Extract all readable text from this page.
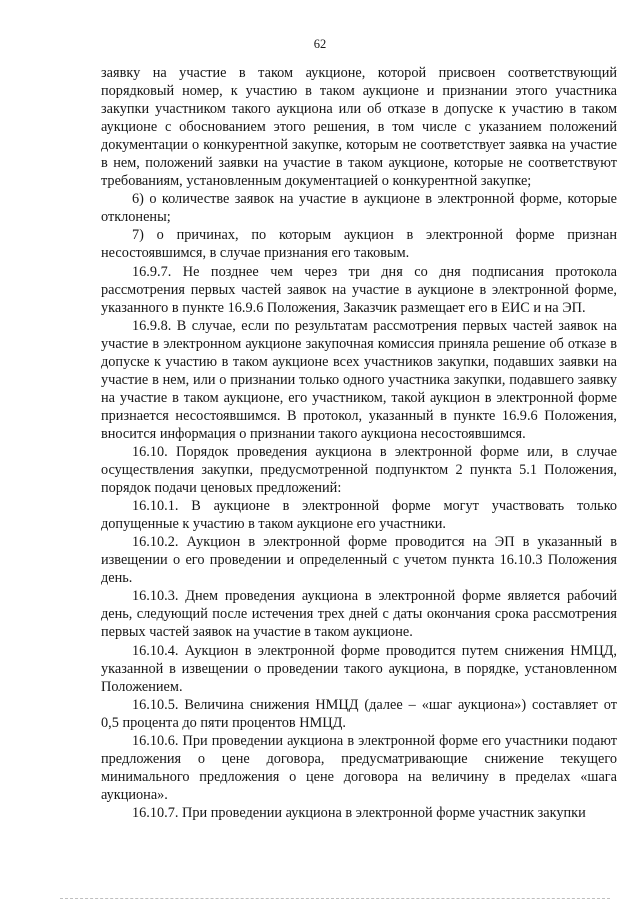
62

заявку на участие в таком аукционе, которой присвоен соответствующий порядковый номер, к участию в таком аукционе и признании этого участника закупки участником такого аукциона или об отказе в допуске к участию в таком аукционе с обоснованием этого решения, в том числе с указанием положений документации о конкурентной закупке, которым не соответствует заявка на участие в нем, положений заявки на участие в таком аукционе, которые не соответствуют требованиям, установленным документацией о конкурентной закупке;

6) о количестве заявок на участие в аукционе в электронной форме, которые отклонены;

7) о причинах, по которым аукцион в электронной форме признан несостоявшимся, в случае признания его таковым.

16.9.7. Не позднее чем через три дня со дня подписания протокола рассмотрения первых частей заявок на участие в аукционе в электронной форме, указанного в пункте 16.9.6 Положения, Заказчик размещает его в ЕИС и на ЭП.

16.9.8. В случае, если по результатам рассмотрения первых частей заявок на участие в электронном аукционе закупочная комиссия приняла решение об отказе в допуске к участию в таком аукционе всех участников закупки, подавших заявки на участие в нем, или о признании только одного участника закупки, подавшего заявку на участие в таком аукционе, его участником, такой аукцион в электронной форме признается несостоявшимся. В протокол, указанный в пункте 16.9.6 Положения, вносится информация о признании такого аукциона несостоявшимся.

16.10. Порядок проведения аукциона в электронной форме или, в случае осуществления закупки, предусмотренной подпунктом 2 пункта 5.1 Положения, порядок подачи ценовых предложений:

16.10.1. В аукционе в электронной форме могут участвовать только допущенные к участию в таком аукционе его участники.

16.10.2. Аукцион в электронной форме проводится на ЭП в указанный в извещении о его проведении и определенный с учетом пункта 16.10.3 Положения день.

16.10.3. Днем проведения аукциона в электронной форме является рабочий день, следующий после истечения трех дней с даты окончания срока рассмотрения первых частей заявок на участие в таком аукционе.

16.10.4. Аукцион в электронной форме проводится путем снижения НМЦД, указанной в извещении о проведении такого аукциона, в порядке, установленном Положением.

16.10.5. Величина снижения НМЦД (далее – «шаг аукциона») составляет от 0,5 процента до пяти процентов НМЦД.

16.10.6. При проведении аукциона в электронной форме его участники подают предложения о цене договора, предусматривающие снижение текущего минимального предложения о цене договора на величину в пределах «шага аукциона».

16.10.7. При проведении аукциона в электронной форме участник закупки
